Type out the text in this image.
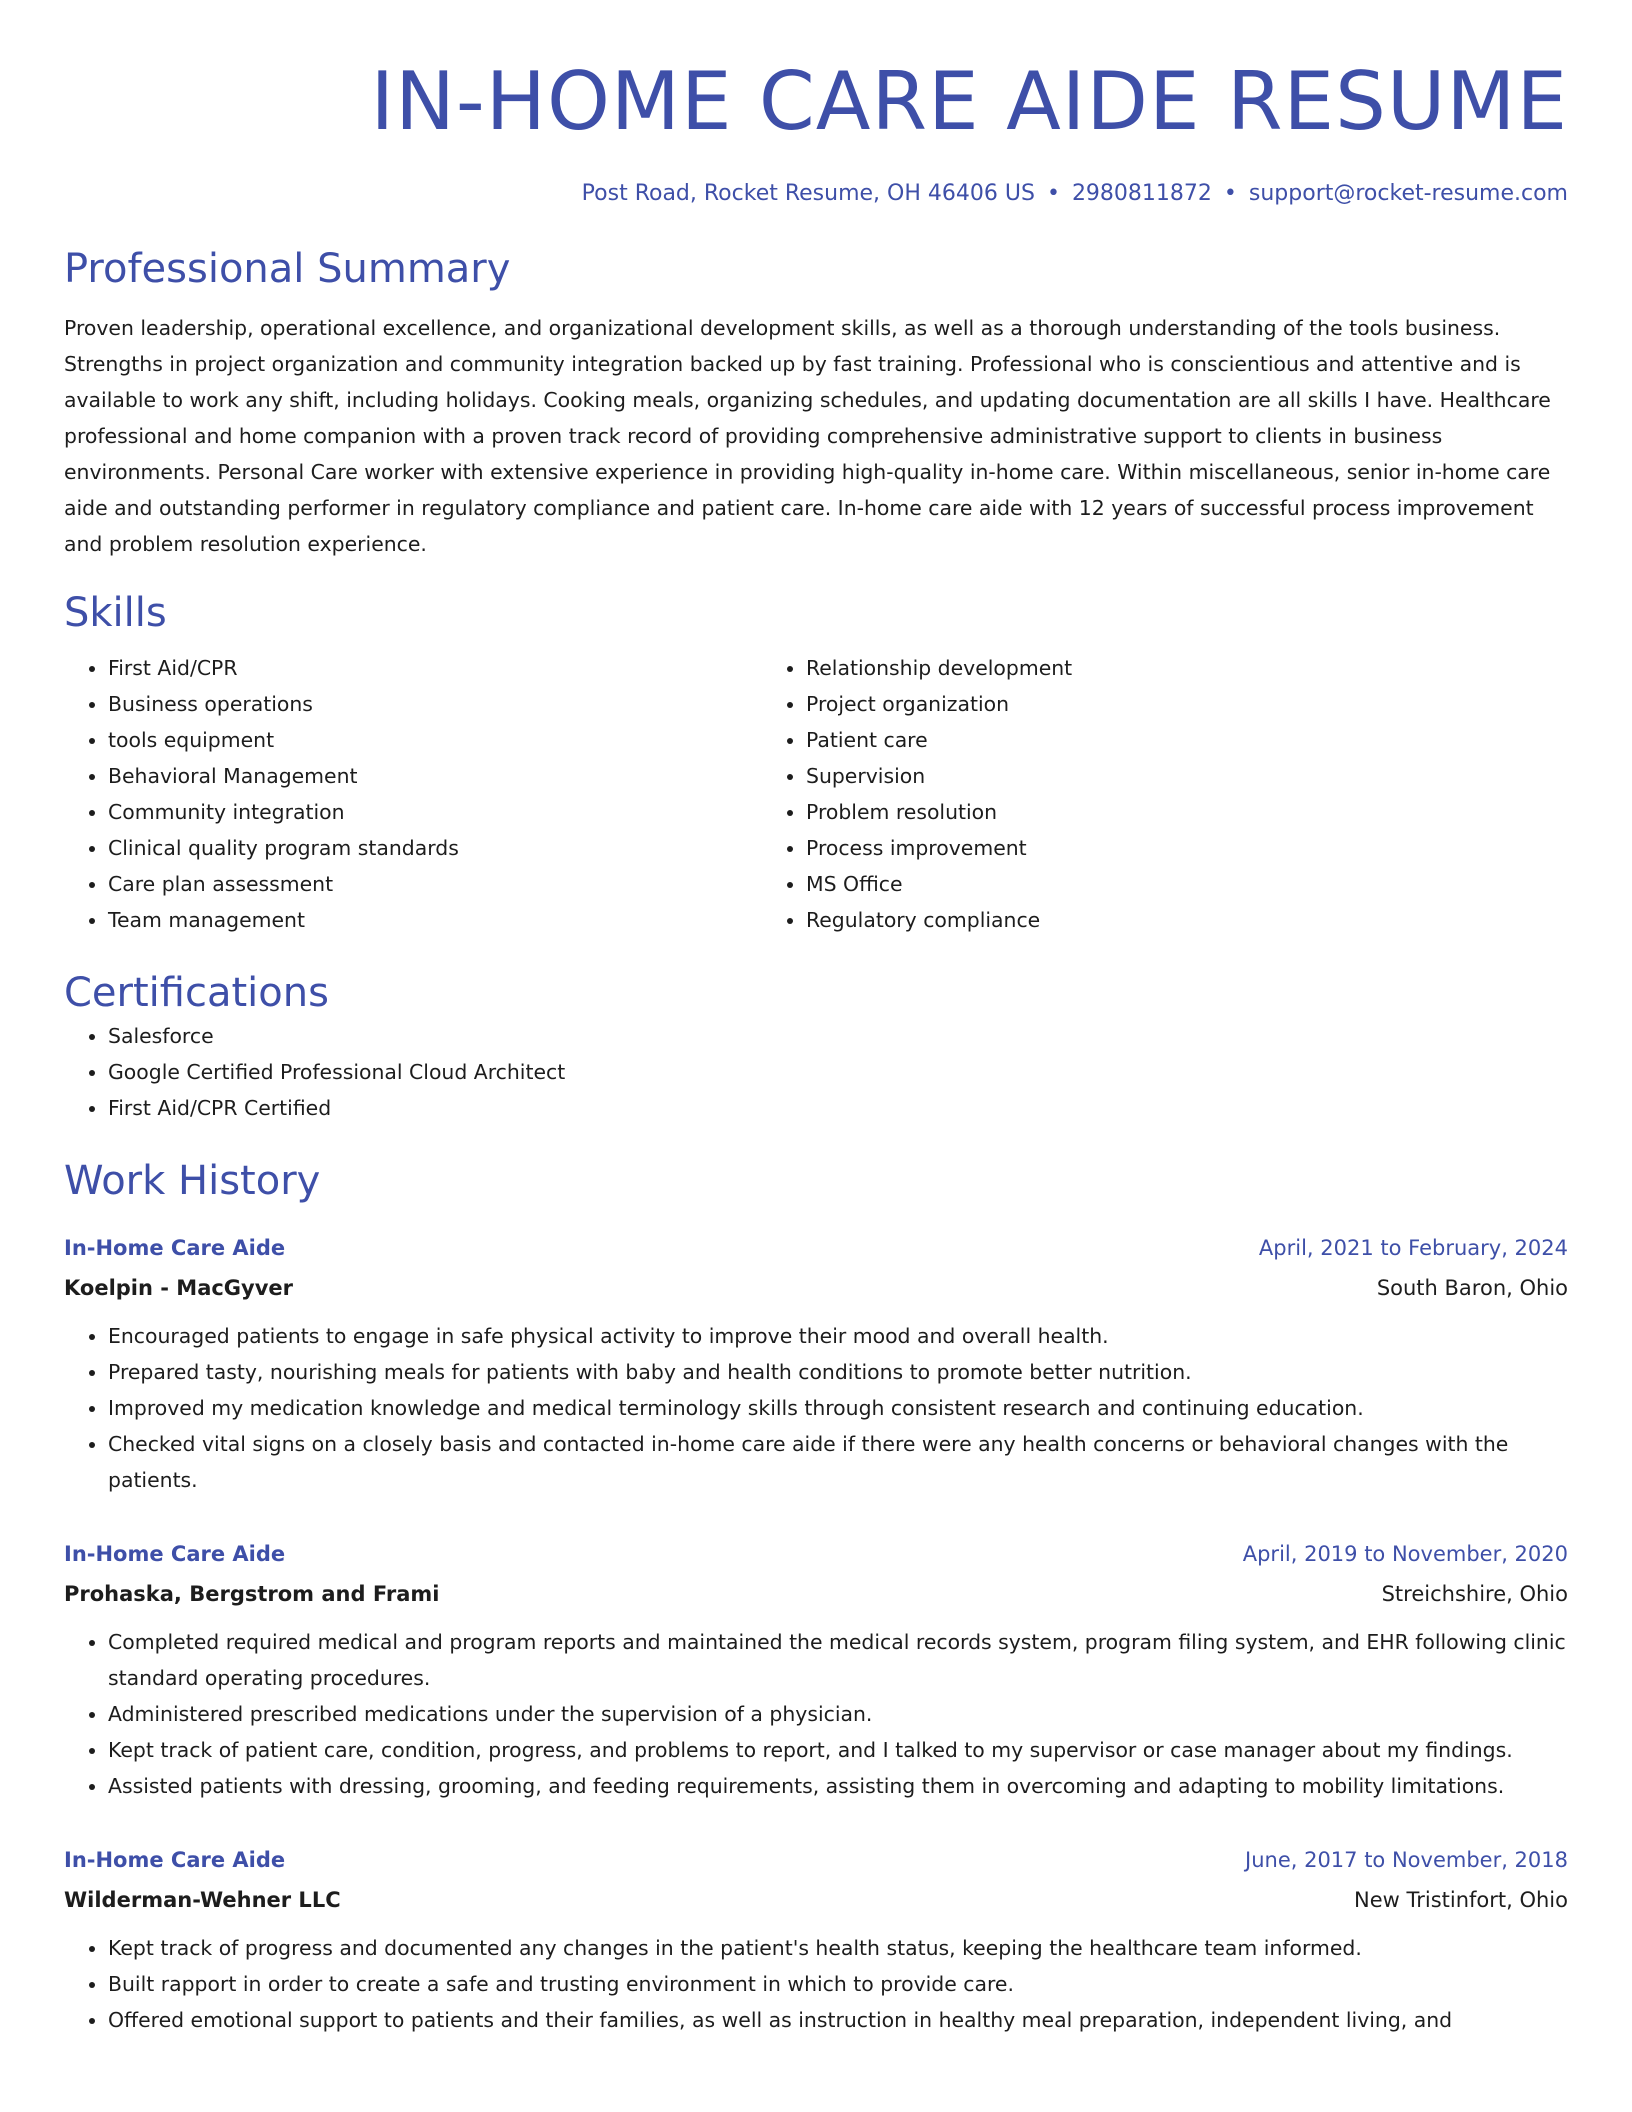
IN-HOME CARE AIDE RESUME
Post Road, Rocket Resume, OH 46406 US • 2980811872 • support@rocket-resume.com
Professional Summary
Proven leadership, operational excellence, and organizational development skills, as well as a thorough understanding of the tools business. Strengths in project organization and community integration backed up by fast training. Professional who is conscientious and attentive and is available to work any shift, including holidays. Cooking meals, organizing schedules, and updating documentation are all skills I have. Healthcare professional and home companion with a proven track record of providing comprehensive administrative support to clients in business environments. Personal Care worker with extensive experience in providing high-quality in-home care. Within miscellaneous, senior in-home care aide and outstanding performer in regulatory compliance and patient care. In-home care aide with 12 years of successful process improvement and problem resolution experience.
Skills
• First Aid/CPR
• Business operations
• tools equipment
• Behavioral Management
• Community integration
• Clinical quality program standards
• Care plan assessment
• Team management
• Relationship development
• Project organization
• Patient care
• Supervision
• Problem resolution
• Process improvement
• MS Office
• Regulatory compliance
Certifications
• Salesforce
• Google Certified Professional Cloud Architect
• First Aid/CPR Certified
Work History
In-Home Care Aide	April, 2021 to February, 2024
Koelpin - MacGyver	South Baron, Ohio
• Encouraged patients to engage in safe physical activity to improve their mood and overall health.
• Prepared tasty, nourishing meals for patients with baby and health conditions to promote better nutrition.
• Improved my medication knowledge and medical terminology skills through consistent research and continuing education.
• Checked vital signs on a closely basis and contacted in-home care aide if there were any health concerns or behavioral changes with the patients.
In-Home Care Aide	April, 2019 to November, 2020
Prohaska, Bergstrom and Frami	Streichshire, Ohio
• Completed required medical and program reports and maintained the medical records system, program filing system, and EHR following clinic standard operating procedures.
• Administered prescribed medications under the supervision of a physician.
• Kept track of patient care, condition, progress, and problems to report, and I talked to my supervisor or case manager about my findings.
• Assisted patients with dressing, grooming, and feeding requirements, assisting them in overcoming and adapting to mobility limitations.
In-Home Care Aide	June, 2017 to November, 2018
Wilderman-Wehner LLC	New Tristinfort, Ohio
• Kept track of progress and documented any changes in the patient's health status, keeping the healthcare team informed.
• Built rapport in order to create a safe and trusting environment in which to provide care.
• Offered emotional support to patients and their families, as well as instruction in healthy meal preparation, independent living, and
